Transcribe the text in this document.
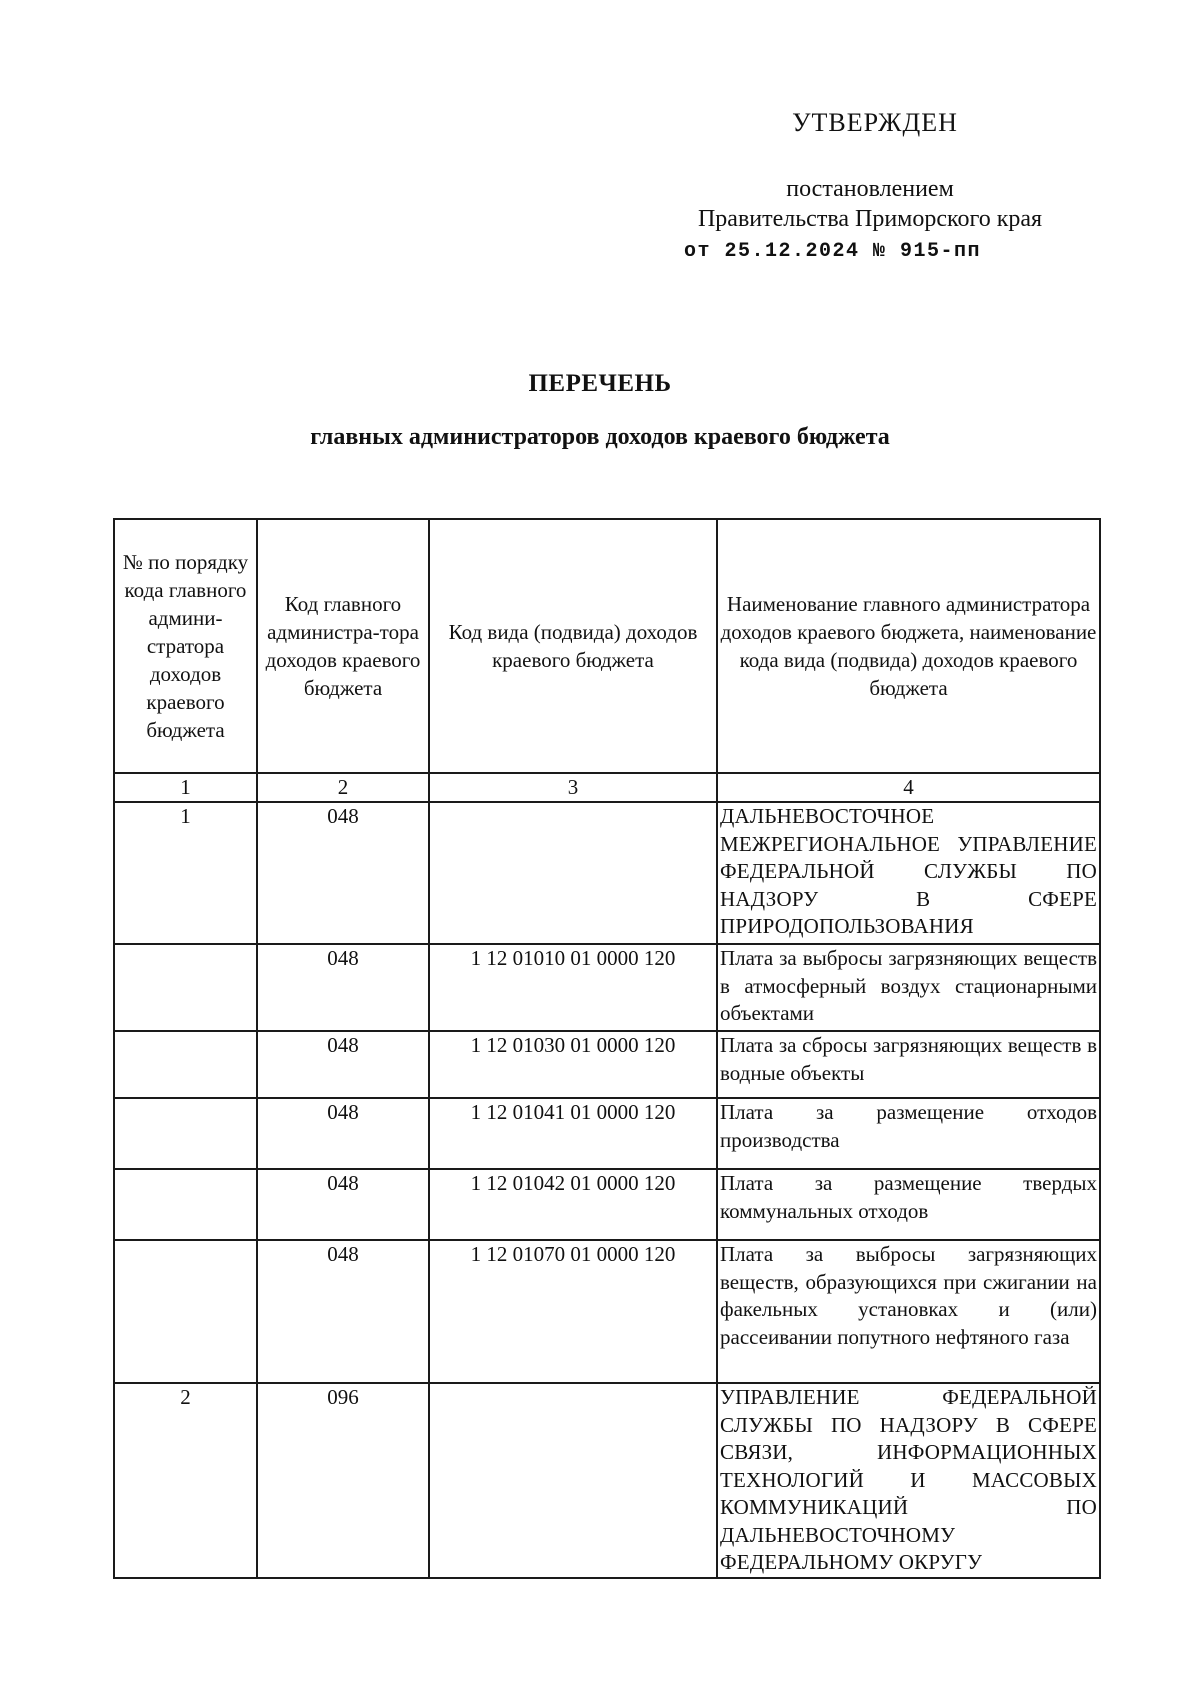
УТВЕРЖДЕН
постановлением
Правительства Приморского края
от 25.12.2024 № 915-пп
ПЕРЕЧЕНЬ
главных администраторов доходов краевого бюджета
№ по порядку кода главного админи-стратора доходов краевого бюджета	Код главного администра-тора доходов краевого бюджета	Код вида (подвида) доходов краевого бюджета	Наименование главного администратора доходов краевого бюджета, наименование кода вида (подвида) доходов краевого бюджета
1	2	3	4
1	048		ДАЛЬНЕВОСТОЧНОЕ МЕЖРЕГИОНАЛЬНОЕ УПРАВЛЕНИЕ ФЕДЕРАЛЬНОЙ СЛУЖБЫ ПО НАДЗОРУ В СФЕРЕ ПРИРОДОПОЛЬЗОВАНИЯ
	048	1 12 01010 01 0000 120	Плата за выбросы загрязняющих веществ в атмосферный воздух стационарными объектами
	048	1 12 01030 01 0000 120	Плата за сбросы загрязняющих веществ в водные объекты
	048	1 12 01041 01 0000 120	Плата за размещение отходов производства
	048	1 12 01042 01 0000 120	Плата за размещение твердых коммунальных отходов
	048	1 12 01070 01 0000 120	Плата за выбросы загрязняющих веществ, образующихся при сжигании на факельных установках и (или) рассеивании попутного нефтяного газа
2	096		УПРАВЛЕНИЕ ФЕДЕРАЛЬНОЙ СЛУЖБЫ ПО НАДЗОРУ В СФЕРЕ СВЯЗИ, ИНФОРМАЦИОННЫХ ТЕХНОЛОГИЙ И МАССОВЫХ КОММУНИКАЦИЙ ПО ДАЛЬНЕВОСТОЧНОМУ ФЕДЕРАЛЬНОМУ ОКРУГУ
